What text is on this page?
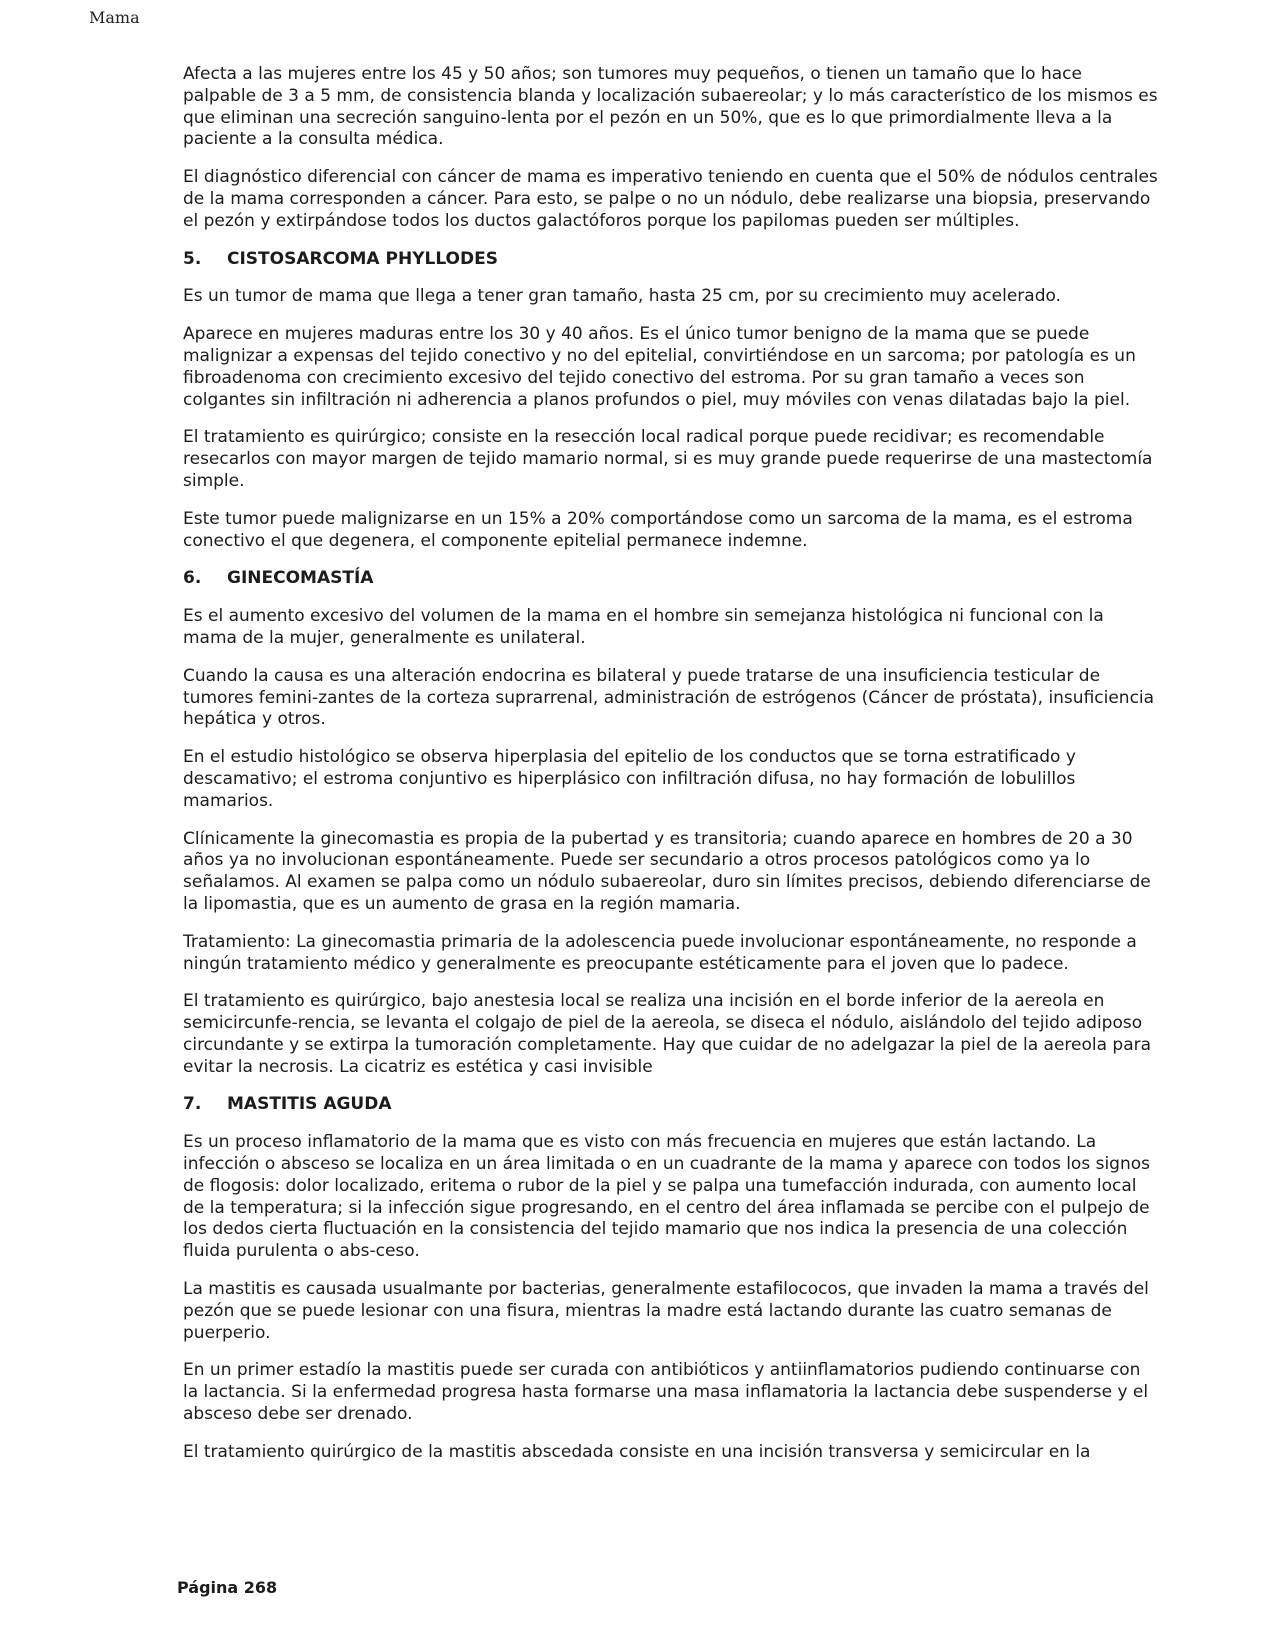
Mama

Afecta a las mujeres entre los 45 y 50 años; son tumores muy pequeños, o tienen un tamaño que lo hace palpable de 3 a 5 mm, de consistencia blanda y localización subaereolar; y lo más característico de los mismos es que eliminan una secreción sanguino-lenta por el pezón en un 50%, que es lo que primordialmente lleva a la paciente a la consulta médica.

El diagnóstico diferencial con cáncer de mama es imperativo teniendo en cuenta que el 50% de nódulos centrales de la mama corresponden a cáncer. Para esto, se palpe o no un nódulo, debe realizarse una biopsia, preservando el pezón y extirpándose todos los ductos galactóforos porque los papilomas pueden ser múltiples.

5. CISTOSARCOMA PHYLLODES

Es un tumor de mama que llega a tener gran tamaño, hasta 25 cm, por su crecimiento muy acelerado.

Aparece en mujeres maduras entre los 30 y 40 años. Es el único tumor benigno de la mama que se puede malignizar a expensas del tejido conectivo y no del epitelial, convirtiéndose en un sarcoma; por patología es un fibroadenoma con crecimiento excesivo del tejido conectivo del estroma. Por su gran tamaño a veces son colgantes sin infiltración ni adherencia a planos profundos o piel, muy móviles con venas dilatadas bajo la piel.

El tratamiento es quirúrgico; consiste en la resección local radical porque puede recidivar; es recomendable resecarlos con mayor margen de tejido mamario normal, si es muy grande puede requerirse de una mastectomía simple.

Este tumor puede malignizarse en un 15% a 20% comportándose como un sarcoma de la mama, es el estroma conectivo el que degenera, el componente epitelial permanece indemne.

6. GINECOMASTÍA

Es el aumento excesivo del volumen de la mama en el hombre sin semejanza histológica ni funcional con la mama de la mujer, generalmente es unilateral.

Cuando la causa es una alteración endocrina es bilateral y puede tratarse de una insuficiencia testicular de tumores femini-zantes de la corteza suprarrenal, administración de estrógenos (Cáncer de próstata), insuficiencia hepática y otros.

En el estudio histológico se observa hiperplasia del epitelio de los conductos que se torna estratificado y descamativo; el estroma conjuntivo es hiperplásico con infiltración difusa, no hay formación de lobulillos mamarios.

Clínicamente la ginecomastia es propia de la pubertad y es transitoria; cuando aparece en hombres de 20 a 30 años ya no involucionan espontáneamente. Puede ser secundario a otros procesos patológicos como ya lo señalamos. Al examen se palpa como un nódulo subaereolar, duro sin límites precisos, debiendo diferenciarse de la lipomastia, que es un aumento de grasa en la región mamaria.

Tratamiento: La ginecomastia primaria de la adolescencia puede involucionar espontáneamente, no responde a ningún tratamiento médico y generalmente es preocupante estéticamente para el joven que lo padece.

El tratamiento es quirúrgico, bajo anestesia local se realiza una incisión en el borde inferior de la aereola en semicircunfe-rencia, se levanta el colgajo de piel de la aereola, se diseca el nódulo, aislándolo del tejido adiposo circundante y se extirpa la tumoración completamente. Hay que cuidar de no adelgazar la piel de la aereola para evitar la necrosis. La cicatriz es estética y casi invisible

7. MASTITIS AGUDA

Es un proceso inflamatorio de la mama que es visto con más frecuencia en mujeres que están lactando. La infección o absceso se localiza en un área limitada o en un cuadrante de la mama y aparece con todos los signos de flogosis: dolor localizado, eritema o rubor de la piel y se palpa una tumefacción indurada, con aumento local de la temperatura; si la infección sigue progresando, en el centro del área inflamada se percibe con el pulpejo de los dedos cierta fluctuación en la consistencia del tejido mamario que nos indica la presencia de una colección fluida purulenta o abs-ceso.

La mastitis es causada usualmante por bacterias, generalmente estafilococos, que invaden la mama a través del pezón que se puede lesionar con una fisura, mientras la madre está lactando durante las cuatro semanas de puerperio.

En un primer estadío la mastitis puede ser curada con antibióticos y antiinflamatorios pudiendo continuarse con la lactancia. Si la enfermedad progresa hasta formarse una masa inflamatoria la lactancia debe suspenderse y el absceso debe ser drenado.

El tratamiento quirúrgico de la mastitis abscedada consiste en una incisión transversa y semicircular en la

Página 268
